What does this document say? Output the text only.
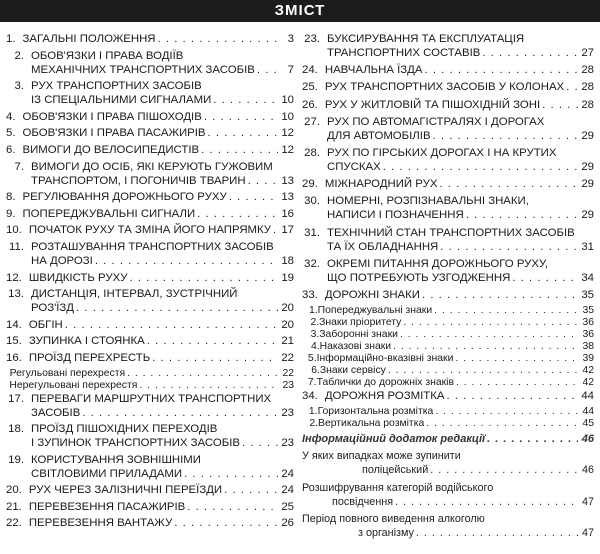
ЗМІСТ
1. ЗАГАЛЬНІ ПОЛОЖЕННЯ . . .	3
2. ОБОВ'ЯЗКИ І ПРАВА ВОДІЇВ
МЕХАНІЧНИХ ТРАНСПОРТНИХ ЗАСОБІВ . . .	7
3. РУХ ТРАНСПОРТНИХ ЗАСОБІВ
ІЗ СПЕЦІАЛЬНИМИ СИГНАЛАМИ . . .	10
4. ОБОВ'ЯЗКИ І ПРАВА ПІШОХОДІВ . . .	10
5. ОБОВ'ЯЗКИ І ПРАВА ПАСАЖИРІВ . . .	12
6. ВИМОГИ ДО ВЕЛОСИПЕДИСТІВ . . .	12
7. ВИМОГИ ДО ОСІБ, ЯКІ КЕРУЮТЬ ГУЖОВИМ
ТРАНСПОРТОМ, І ПОГОНИЧІВ ТВАРИН . . .	13
8. РЕГУЛЮВАННЯ ДОРОЖНЬОГО РУХУ . . .	13
9. ПОПЕРЕДЖУВАЛЬНІ СИГНАЛИ . . .	16
10. ПОЧАТОК РУХУ ТА ЗМІНА ЙОГО НАПРЯМКУ . . . 17
11. РОЗТАШУВАННЯ ТРАНСПОРТНИХ ЗАСОБІВ
НА ДОРОЗІ . . .	18
12. ШВИДКІСТЬ РУХУ . . .	19
13. ДИСТАНЦІЯ, ІНТЕРВАЛ, ЗУСТРІЧНИЙ
РОЗ'ЇЗД . . .	20
14. ОБГІН . . .	20
15. ЗУПИНКА І СТОЯНКА . . .	21
16. ПРОЇЗД ПЕРЕХРЕСТЬ . . .	22
Регульовані перехрестя . . .	22
Нерегульовані перехрестя . . .	23
17. ПЕРЕВАГИ МАРШРУТНИХ ТРАНСПОРТНИХ
ЗАСОБІВ . . .	23
18. ПРОЇЗД ПІШОХІДНИХ ПЕРЕХОДІВ
І ЗУПИНОК ТРАНСПОРТНИХ ЗАСОБІВ . . .	23
19. КОРИСТУВАННЯ ЗОВНІШНІМИ
СВІТЛОВИМИ ПРИЛАДАМИ . . .	24
20. РУХ ЧЕРЕЗ ЗАЛІЗНИЧНІ ПЕРЕЇЗДИ . . .	24
21. ПЕРЕВЕЗЕННЯ ПАСАЖИРІВ . . .	25
22. ПЕРЕВЕЗЕННЯ ВАНТАЖУ . . .	26
23. БУКСИРУВАННЯ ТА ЕКСПЛУАТАЦІЯ
ТРАНСПОРТНИХ СОСТАВІВ . . .	27
24. НАВЧАЛЬНА ЇЗДА . . .	28
25. РУХ ТРАНСПОРТНИХ ЗАСОБІВ У КОЛОНАХ . . . 28
26. РУХ У ЖИТЛОВІЙ ТА ПІШОХІДНІЙ ЗОНІ . . .	28
27. РУХ ПО АВТОМАГІСТРАЛЯХ І ДОРОГАХ
ДЛЯ АВТОМОБІЛІВ . . .	29
28. РУХ ПО ГІРСЬКИХ ДОРОГАХ І НА КРУТИХ
СПУСКАХ . . .	29
29. МІЖНАРОДНИЙ РУХ . . .	29
30. НОМЕРНІ, РОЗПІЗНАВАЛЬНІ ЗНАКИ,
НАПИСИ І ПОЗНАЧЕННЯ . . .	29
31. ТЕХНІЧНИЙ СТАН ТРАНСПОРТНИХ ЗАСОБІВ
ТА ЇХ ОБЛАДНАННЯ . . .	31
32. ОКРЕМІ ПИТАННЯ ДОРОЖНЬОГО РУХУ,
ЩО ПОТРЕБУЮТЬ УЗГОДЖЕННЯ . . .	34
33. ДОРОЖНІ ЗНАКИ . . .	35
1. Попереджувальні знаки . . .	35
2. Знаки пріоритету . . .	36
3. Заборонні знаки . . .	36
4. Наказові знаки . . .	38
5. Інформаційно-вказівні знаки . . .	39
6. Знаки сервісу . . .	42
7. Таблички до дорожніх знаків . . .	42
34. ДОРОЖНЯ РОЗМІТКА . . .	44
1. Горизонтальна розмітка . . .	44
2. Вертикальна розмітка . . .	45
Інформаційний додаток редакції . . .	46
У яких випадках може зупинити
поліцейський . . .	46
Розшифрування категорій водійського
посвідчення . . .	47
Період повного виведення алкоголю
з організму . . .	47
